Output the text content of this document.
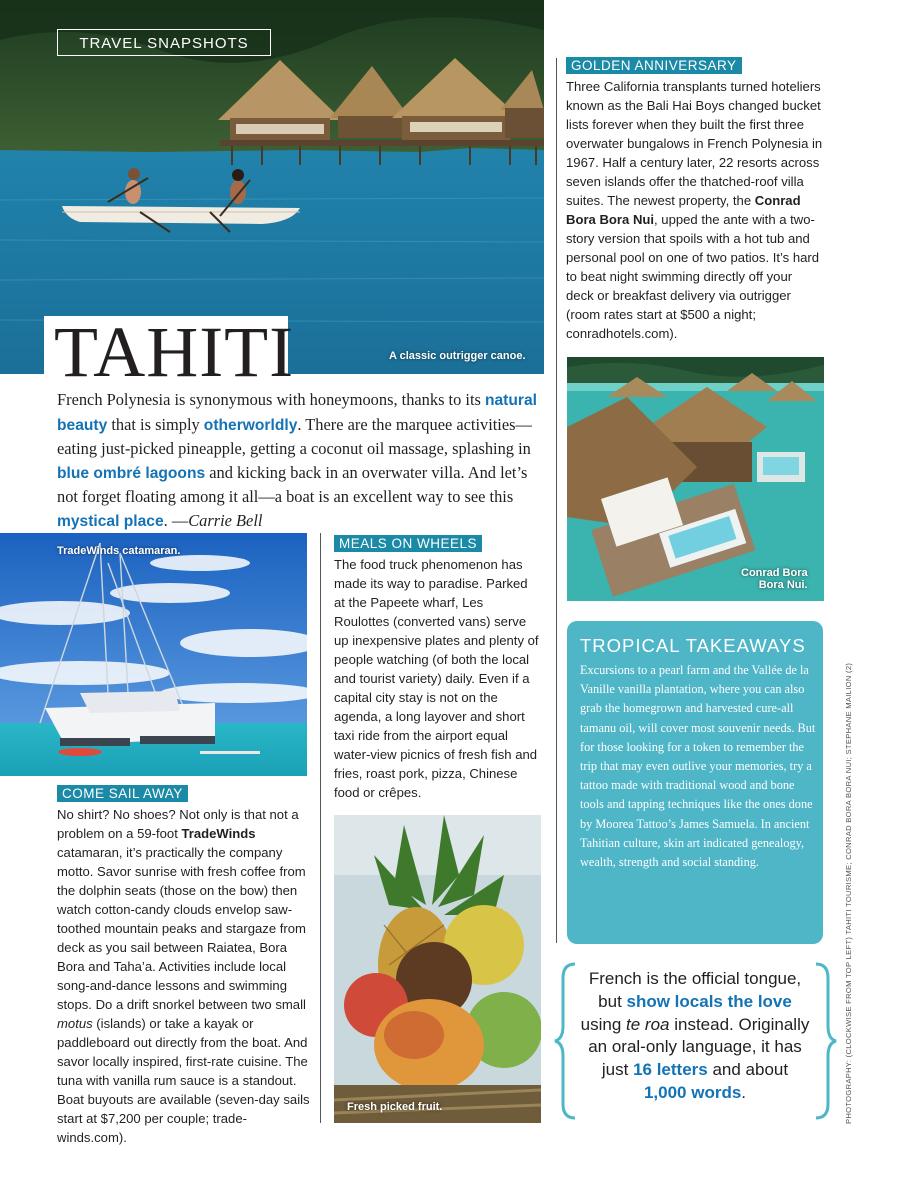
TRAVEL SNAPSHOTS
TAHITI	A classic outrigger canoe.
French Polynesia is synonymous with honeymoons, thanks to its natural beauty that is simply otherworldly. There are the marquee activities—eating just-picked pineapple, getting a coconut oil massage, splashing in blue ombré lagoons and kicking back in an overwater villa. And let’s not forget floating among it all—a boat is an excellent way to see this mystical place. —Carrie Bell
GOLDEN ANNIVERSARY
Three California transplants turned hoteliers known as the Bali Hai Boys changed bucket lists forever when they built the first three overwater bungalows in French Polynesia in 1967. Half a century later, 22 resorts across seven islands offer the thatched-roof villa suites. The newest property, the Conrad Bora Bora Nui, upped the ante with a two-story version that spoils with a hot tub and personal pool on one of two patios. It’s hard to beat night swimming directly off your deck or breakfast delivery via outrigger (room rates start at $500 a night; conradhotels.com).
Conrad Bora
Bora Nui.
TROPICAL TAKEAWAYS
Excursions to a pearl farm and the Vallée de la Vanille vanilla plantation, where you can also grab the homegrown and harvested cure-all tamanu oil, will cover most souvenir needs. But for those looking for a token to remember the trip that may even outlive your memories, try a tattoo made with traditional wood and bone tools and tapping techniques like the ones done by Moorea Tattoo’s James Samuela. In ancient Tahitian culture, skin art indicated genealogy, wealth, strength and social standing.
French is the official tongue, but show locals the love using te roa instead. Originally an oral-only language, it has just 16 letters and about 1,000 words.	PHOTOGRAPHY: (CLOCKWISE FROM TOP LEFT) TAHITI TOURISME; CONRAD BORA BORA NUI; STEPHANE MAILION (2)
TradeWinds catamaran.
COME SAIL AWAY
No shirt? No shoes? Not only is that not a problem on a 59-foot TradeWinds catamaran, it’s practically the company motto. Savor sunrise with fresh coffee from the dolphin seats (those on the bow) then watch cotton-candy clouds envelop saw-toothed mountain peaks and stargaze from deck as you sail between Raiatea, Bora Bora and Taha’a. Activities include local song-and-dance lessons and swimming stops. Do a drift snorkel between two small motus (islands) or take a kayak or paddleboard out directly from the boat. And savor locally inspired, first-rate cuisine. The tuna with vanilla rum sauce is a standout. Boat buyouts are available (seven-day sails start at $7,200 per couple; trade-winds.com).
MEALS ON WHEELS
The food truck phenomenon has made its way to paradise. Parked at the Papeete wharf, Les Roulottes (converted vans) serve up inexpensive plates and plenty of people watching (of both the local and tourist variety) daily. Even if a capital city stay is not on the agenda, a long layover and short taxi ride from the airport equal water-view picnics of fresh fish and fries, roast pork, pizza, Chinese food or crêpes.
Fresh picked fruit.
